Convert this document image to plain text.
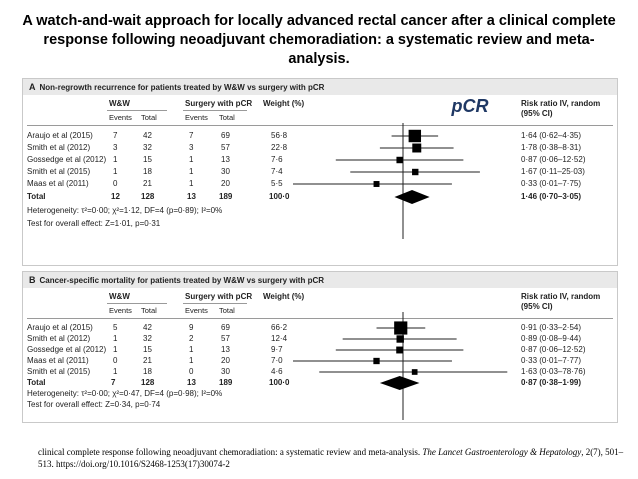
A watch-and-wait approach for locally advanced rectal cancer after a clinical complete response following neoadjuvant chemoradiation: a systematic review and meta-analysis.
A Non-regrowth recurrence for patients treated by W&W vs surgery with pCR
W&W	Surgery with pCR Weight (%)	Risk ratio IV, random
(95% CI)
Events Total	Events Total
Araujo et al (2015)	7	42	7	69	56·8	1·64 (0·62–4·35)
Smith et al (2012)	3	32	3	57	22·8	1·78 (0·38–8·31)
Gossedge et al (2012) 1	15	1	13	7·6	0·87 (0·06–12·52)
Smith et al (2015)	1	18	1	30	7·4	1·67 (0·11–25·03)
Maas et al (2011)	0	21	1	20	5·5	0·33 (0·01–7·75)
Total	12	128	13	189	100·0	1·46 (0·70–3·05)
Heterogeneity: τ²=0·00; χ²=1·12, DF=4 (p=0·89); I²=0%
Test for overall effect: Z=1·01, p=0·31
pCR
B Cancer-specific mortality for patients treated by W&W vs surgery with pCR
W&W	Surgery with pCR Weight (%)	Risk ratio IV, random
(95% CI)
Events Total	Events Total
Araujo et al (2015)	5	42	9	69	66·2	0·91 (0·33–2·54)
Smith et al (2012)	1	32	2	57	12·4	0·89 (0·08–9·44)
Gossedge et al (2012) 1	15	1	13	9·7	0·87 (0·06–12·52)
Maas et al (2011)	0	21	1	20	7·0	0·33 (0·01–7·77)
Smith et al (2015)	1	18	0	30	4·6	1·63 (0·03–78·76)
Total	7	128	13	189	100·0	0·87 (0·38–1·99)
Heterogeneity: τ²=0·00; χ²=0·47, DF=4 (p=0·98); I²=0%
Test for overall effect: Z=0·34, p=0·74
clinical complete response following neoadjuvant chemoradiation: a systematic review and meta-analysis. The Lancet Gastroenterology & Hepatology, 2(7), 501–513. https://doi.org/10.1016/S2468-1253(17)30074-2
